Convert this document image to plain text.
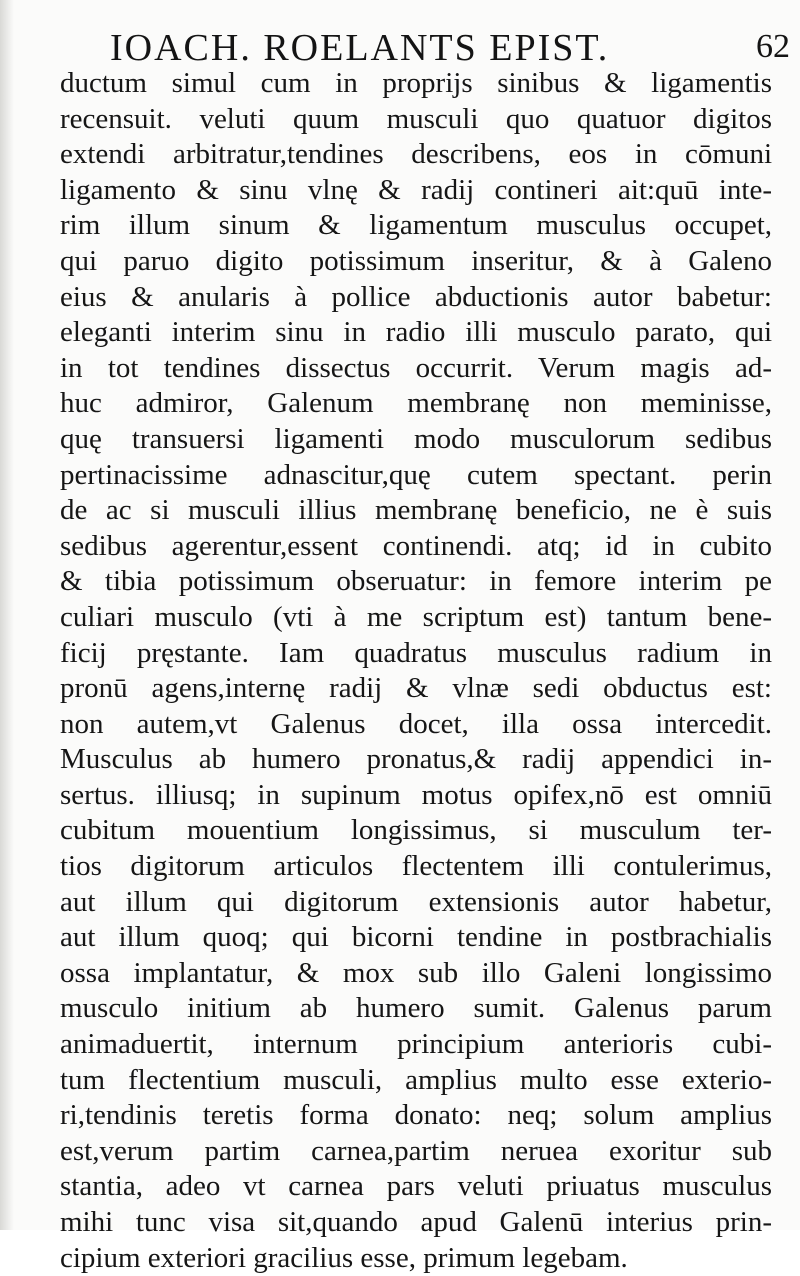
IOACH. ROELANTS EPIST.	62
ductum simul cum in proprijs sinibus & ligamentis
recensuit. veluti quum musculi quo quatuor digitos
extendi arbitratur,tendines describens, eos in cōmuni
ligamento & sinu vlnę & radij contineri ait:quū inte-
rim illum sinum & ligamentum musculus occupet,
qui paruo digito potissimum inseritur, & à Galeno
eius & anularis à pollice abductionis autor babetur:
eleganti interim sinu in radio illi musculo parato, qui
in tot tendines dissectus occurrit. Verum magis ad-
huc admiror, Galenum membranę non meminisse,
quę transuersi ligamenti modo musculorum sedibus
pertinacissime adnascitur,quę cutem spectant. perin
de ac si musculi illius membranę beneficio, ne è suis
sedibus agerentur,essent continendi. atq; id in cubito
& tibia potissimum obseruatur: in femore interim pe
culiari musculo (vti à me scriptum est) tantum bene-
ficij pręstante. Iam quadratus musculus radium in
pronū agens,internę radij & vlnæ sedi obductus est:
non autem,vt Galenus docet, illa ossa intercedit.
Musculus ab humero pronatus,& radij appendici in-
sertus. illiusq; in supinum motus opifex,nō est omniū
cubitum mouentium longissimus, si musculum ter-
tios digitorum articulos flectentem illi contulerimus,
aut illum qui digitorum extensionis autor habetur,
aut illum quoq; qui bicorni tendine in postbrachialis
ossa implantatur, & mox sub illo Galeni longissimo
musculo initium ab humero sumit. Galenus parum
animaduertit, internum principium anterioris cubi-
tum flectentium musculi, amplius multo esse exterio-
ri,tendinis teretis forma donato: neq; solum amplius
est,verum partim carnea,partim neruea exoritur sub
stantia, adeo vt carnea pars veluti priuatus musculus
mihi tunc visa sit,quando apud Galenū interius prin-
cipium exteriori gracilius esse, primum legebam.
